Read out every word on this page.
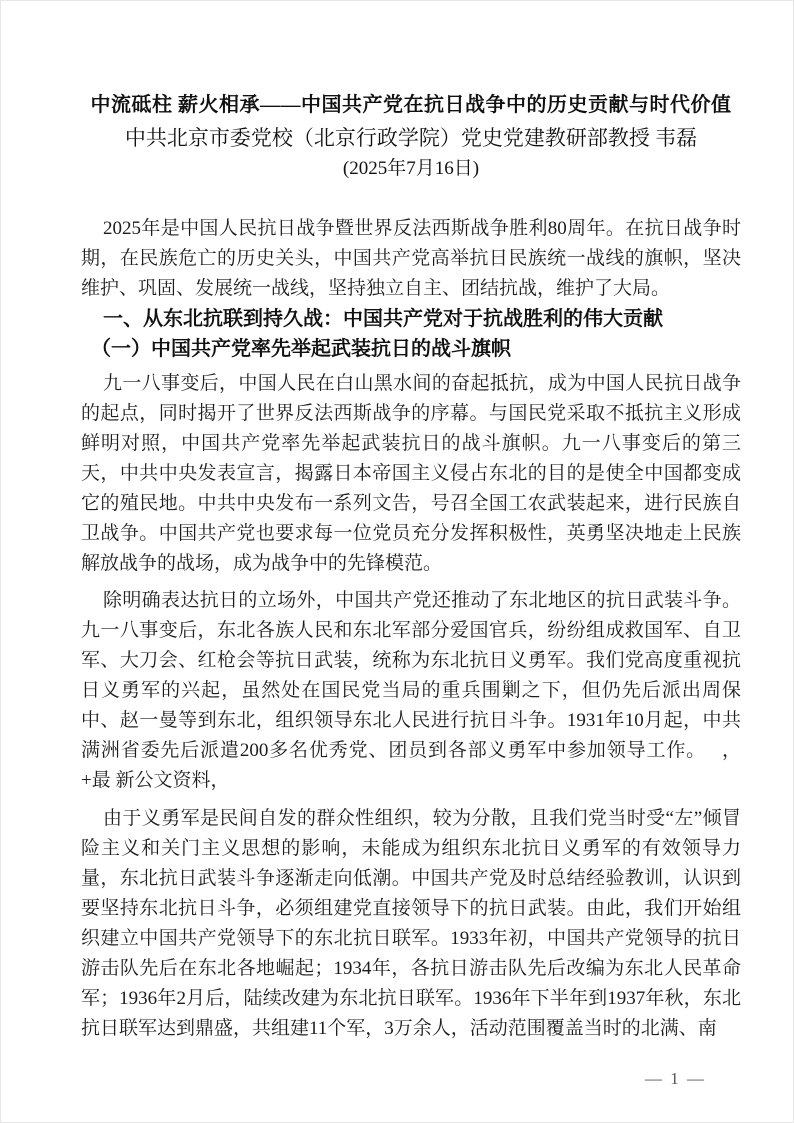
中流砥柱 薪火相承——中国共产党在抗日战争中的历史贡献与时代价值
中共北京市委党校（北京行政学院）党史党建教研部教授 韦磊
(2025年7月16日)

2025年是中国人民抗日战争暨世界反法西斯战争胜利80周年。在抗日战争时期，在民族危亡的历史关头，中国共产党高举抗日民族统一战线的旗帜，坚决维护、巩固、发展统一战线，坚持独立自主、团结抗战，维护了大局。

一、从东北抗联到持久战：中国共产党对于抗战胜利的伟大贡献
（一）中国共产党率先举起武装抗日的战斗旗帜

九一八事变后，中国人民在白山黑水间的奋起抵抗，成为中国人民抗日战争的起点，同时揭开了世界反法西斯战争的序幕。与国民党采取不抵抗主义形成鲜明对照，中国共产党率先举起武装抗日的战斗旗帜。九一八事变后的第三天，中共中央发表宣言，揭露日本帝国主义侵占东北的目的是使全中国都变成它的殖民地。中共中央发布一系列文告，号召全国工农武装起来，进行民族自卫战争。中国共产党也要求每一位党员充分发挥积极性，英勇坚决地走上民族解放战争的战场，成为战争中的先锋模范。

除明确表达抗日的立场外，中国共产党还推动了东北地区的抗日武装斗争。九一八事变后，东北各族人民和东北军部分爱国官兵，纷纷组成救国军、自卫军、大刀会、红枪会等抗日武装，统称为东北抗日义勇军。我们党高度重视抗日义勇军的兴起，虽然处在国民党当局的重兵围剿之下，但仍先后派出周保中、赵一曼等到东北，组织领导东北人民进行抗日斗争。1931年10月起，中共满洲省委先后派遣200多名优秀党、团员到各部义勇军中参加领导工作。　 ，+最 新公文资料，

由于义勇军是民间自发的群众性组织，较为分散，且我们党当时受“左”倾冒险主义和关门主义思想的影响，未能成为组织东北抗日义勇军的有效领导力量，东北抗日武装斗争逐渐走向低潮。中国共产党及时总结经验教训，认识到要坚持东北抗日斗争，必须组建党直接领导下的抗日武装。由此，我们开始组织建立中国共产党领导下的东北抗日联军。1933年初，中国共产党领导的抗日游击队先后在东北各地崛起；1934年，各抗日游击队先后改编为东北人民革命军；1936年2月后，陆续改建为东北抗日联军。1936年下半年到1937年秋，东北抗日联军达到鼎盛，共组建11个军，3万余人，活动范围覆盖当时的北满、南

— 1 —
